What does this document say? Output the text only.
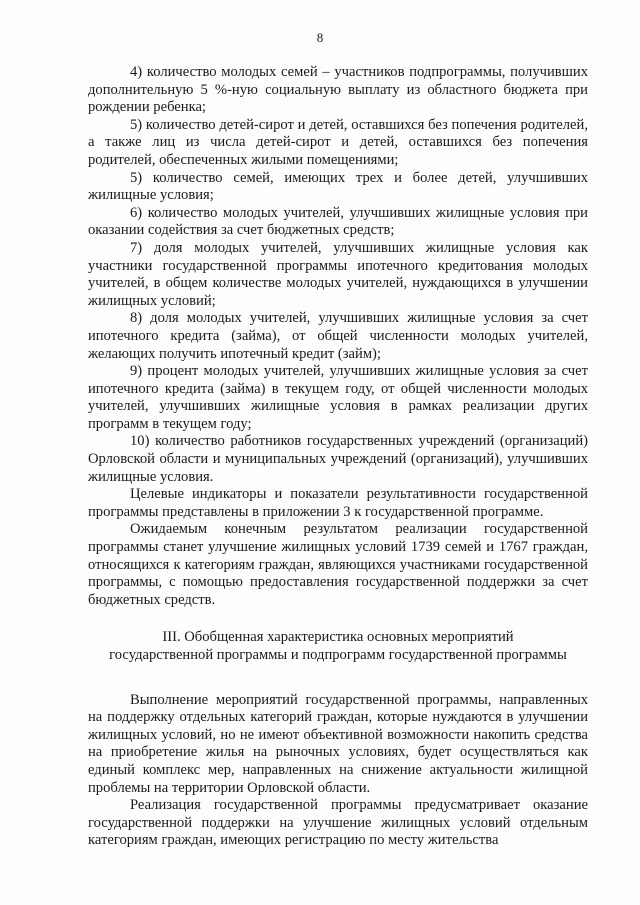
8

4) количество молодых семей – участников подпрограммы, получивших дополнительную 5 %-ную социальную выплату из областного бюджета при рождении ребенка;

5) количество детей-сирот и детей, оставшихся без попечения родителей, а также лиц из числа детей-сирот и детей, оставшихся без попечения родителей, обеспеченных жилыми помещениями;

5) количество семей, имеющих трех и более детей, улучшивших жилищные условия;

6) количество молодых учителей, улучшивших жилищные условия при оказании содействия за счет бюджетных средств;

7) доля молодых учителей, улучшивших жилищные условия как участники государственной программы ипотечного кредитования молодых учителей, в общем количестве молодых учителей, нуждающихся в улучшении жилищных условий;

8) доля молодых учителей, улучшивших жилищные условия за счет ипотечного кредита (займа), от общей численности молодых учителей, желающих получить ипотечный кредит (займ);

9) процент молодых учителей, улучшивших жилищные условия за счет ипотечного кредита (займа) в текущем году, от общей численности молодых учителей, улучшивших жилищные условия в рамках реализации других программ в текущем году;

10) количество работников государственных учреждений (организаций) Орловской области и муниципальных учреждений (организаций), улучшивших жилищные условия.

Целевые индикаторы и показатели результативности государственной программы представлены в приложении 3 к государственной программе.

Ожидаемым конечным результатом реализации государственной программы станет улучшение жилищных условий 1739 семей и 1767 граждан, относящихся к категориям граждан, являющихся участниками государственной программы, с помощью предоставления государственной поддержки за счет бюджетных средств.

III. Обобщенная характеристика основных мероприятий
государственной программы и подпрограмм государственной программы

Выполнение мероприятий государственной программы, направленных на поддержку отдельных категорий граждан, которые нуждаются в улучшении жилищных условий, но не имеют объективной возможности накопить средства на приобретение жилья на рыночных условиях, будет осуществляться как единый комплекс мер, направленных на снижение актуальности жилищной проблемы на территории Орловской области.

Реализация государственной программы предусматривает оказание государственной поддержки на улучшение жилищных условий отдельным категориям граждан, имеющих регистрацию по месту жительства
